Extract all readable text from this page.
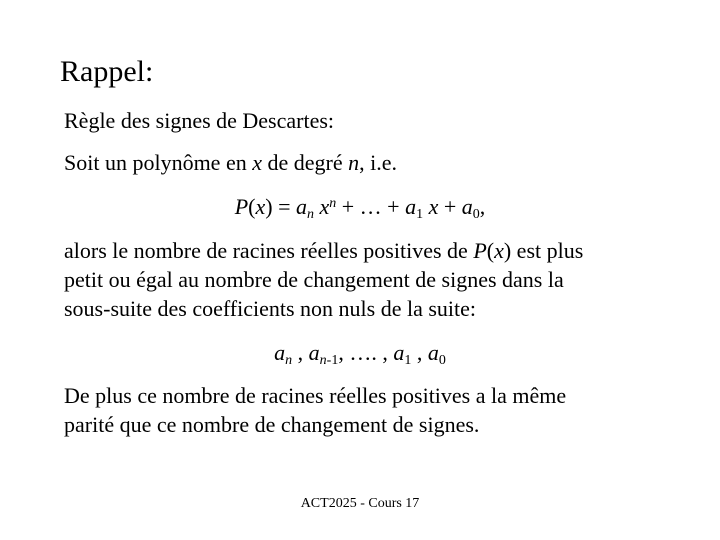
Rappel:
Règle des signes de Descartes:
Soit un polynôme en x de degré n, i.e.
$P(x) = a_n$ $x^n$ + … + $a_1$ $x + a_0$,
alors le nombre de racines réelles positives de P(x) est plus
petit ou égal au nombre de changement de signes dans la
sous-suite des coefficients non nuls de la suite:
$a_n$ , $a_{n-1}$, …. , $a_1$ , $a_0$
De plus ce nombre de racines réelles positives a la même
parité que ce nombre de changement de signes.
ACT2025 - Cours 17
